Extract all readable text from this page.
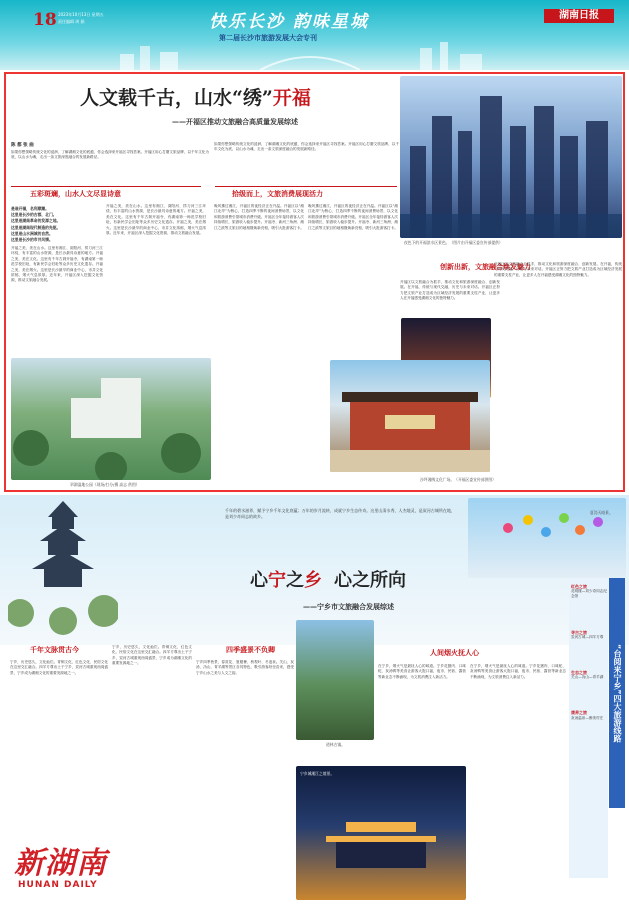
18 2023年10月13日 星期五
责任编辑 周 娟	快乐长沙 韵味星城
第二届长沙市旅游发展大会专刊
湖南日报
人文载千古，山水“绣”开福
——开福区推动文旅融合高质量发展综述
夜色下的开福滨水区景色。（图片由开福区委宣传部提供）
陈 都 张 曲
如果你想领略传统文化的浸润，了解湖湘文化的底蕴，你会选择来开福区寻找答案。开福区用心打磨文旅品牌，以千年文化为底，以山水为魂，走出一条文旅深度融合的发展新路径。
如果你想领略传统文化的浸润，了解湖湘文化的底蕴，你会选择来开福区寻找答案。开福区用心打磨文旅品牌，以千年文化为底，以山水为魂，走出一条文旅深度融合的发展新路径。
五彩斑斓，山水人文尽显诗意
是谁开福，名利顺潮。
这里是长沙的古郡，北门。
这里是湖南革命的发源之地。
这里是湖南现代制造的先驱。
这里是山水洲城的自然。
这里是长沙的市井风情。
开福之美，美在山水。这里有湘江、浏阳河、捞刀河三江环绕，有丰富的山水资源，是长沙最具诗意的地方。开福之美，美在文化。这里有千年古刹开福寺，有湖南第一师范学校旧址，有新民学会旧址等众多历史文化遗存。开福之美，美在烟火。这里是长沙最早的商业中心，市井文化浓郁，烟火气息浓厚。近年来，开福区深入挖掘文化资源，推动文旅融合发展。
开福之美，美在山水。这里有湘江、浏阳河、捞刀河三江环绕，有丰富的山水资源，是长沙最具诗意的地方。开福之美，美在文化。这里有千年古刹开福寺，有湖南第一师范学校旧址，有新民学会旧址等众多历史文化遗存。开福之美，美在烟火。这里是长沙最早的商业中心，市井文化浓郁，烟火气息浓厚。近年来，开福区深入挖掘文化资源，推动文旅融合发展。
翠湖湿地公园（现场/打分/摄 高志 供图）
拾级而上，文旅消费展现活力
晚风拂过湘江，开福区的夜经济正在升温。开福区以“湘江北岸”为核心，打造四季不断的夜间消费场景，以文化和旅游消费引领城市消费升级。开福区全年接待游客人次持续增长，旅游收入稳步提升。开福寺、新河三角洲、湘江之滨等文旅目的地相继焕新亮相，吸引大批游客打卡。
晚风拂过湘江，开福区的夜经济正在升温。开福区以“湘江北岸”为核心，打造四季不断的夜间消费场景，以文化和旅游消费引领城市消费升级。开福区全年接待游客人次持续增长，旅游收入稳步提升。开福寺、新河三角洲、湘江之滨等文旅目的地相继焕新亮相，吸引大批游客打卡。
创新出新，文旅融合焕发魅力
开福区以文旅融合为抓手，推动文化和旅游深度融合、创新发展。在开福，传统与现代交融，历史与未来对话。开福区正努力把文旅产业打造成为区域经济发展的重要支柱产业，让更多人在开福感受湖湘文化的独特魅力。
开福区以文旅融合为抓手，推动文化和旅游深度融合、创新发展。在开福，传统与现代交融，历史与未来对话。开福区正努力把文旅产业打造成为区域经济发展的重要支柱产业，让更多人在开福感受湖湘文化的独特魅力。
沙坪湘绣文化广场。（开福区委宣传部供图）
千年的碧水滋养，赋予宁乡千年文化底蕴；万年的岁月流转，成就宁乡生态传奇。这里山清水秀，人杰地灵，是炭河古城所在地，是刘少奇同志的故乡。
夏沩天暗景。
心宁之乡 心之所向
——宁乡市文旅融合发展综述
千年文脉贯古今
宁乡，历史悠久，文化灿烂。青铜文化、红色文化、民俗文化在这里交汇融合。四羊方尊出土于宁乡，炭河古城重现西周盛景，宁乡成为湖湘文化的重要发源地之一。
宁乡，历史悠久，文化灿烂。青铜文化、红色文化、民俗文化在这里交汇融合。四羊方尊出土于宁乡，炭河古城重现西周盛景，宁乡成为湖湘文化的重要发源地之一。
四季盛景不负卿
宁乡四季皆景，春赏花、夏避暑、秋观叶、冬泡泉。关山、灰汤、沩山、青羊湖等景区各具特色，吸引游客纷至沓来，感受宁乡山水之美与人文之韵。
道林古镇。
人间烟火抚人心
在宁乡，烟火气是最抚人心的味道。宁乡花猪肉、口味蛇、灰汤鸭等美食让游客大饱口福，夜市、民宿、露营等新业态不断涌现，为文旅消费注入新活力。
在宁乡，烟火气是最抚人心的味道。宁乡花猪肉、口味蛇、灰汤鸭等美食让游客大饱口福，夜市、民宿、露营等新业态不断涌现，为文旅消费注入新活力。
宁乡城湘江之境景。
“台阅来宁乡”四大旅游线路
红色之旅
花明楼—刘少奇同志纪念馆
寻古之旅
炭河古城—四羊方尊
生态之旅
关山—沩山—青羊湖
康养之旅
灰汤温泉—醉美村庄
新湖南
HUNAN DAILY
